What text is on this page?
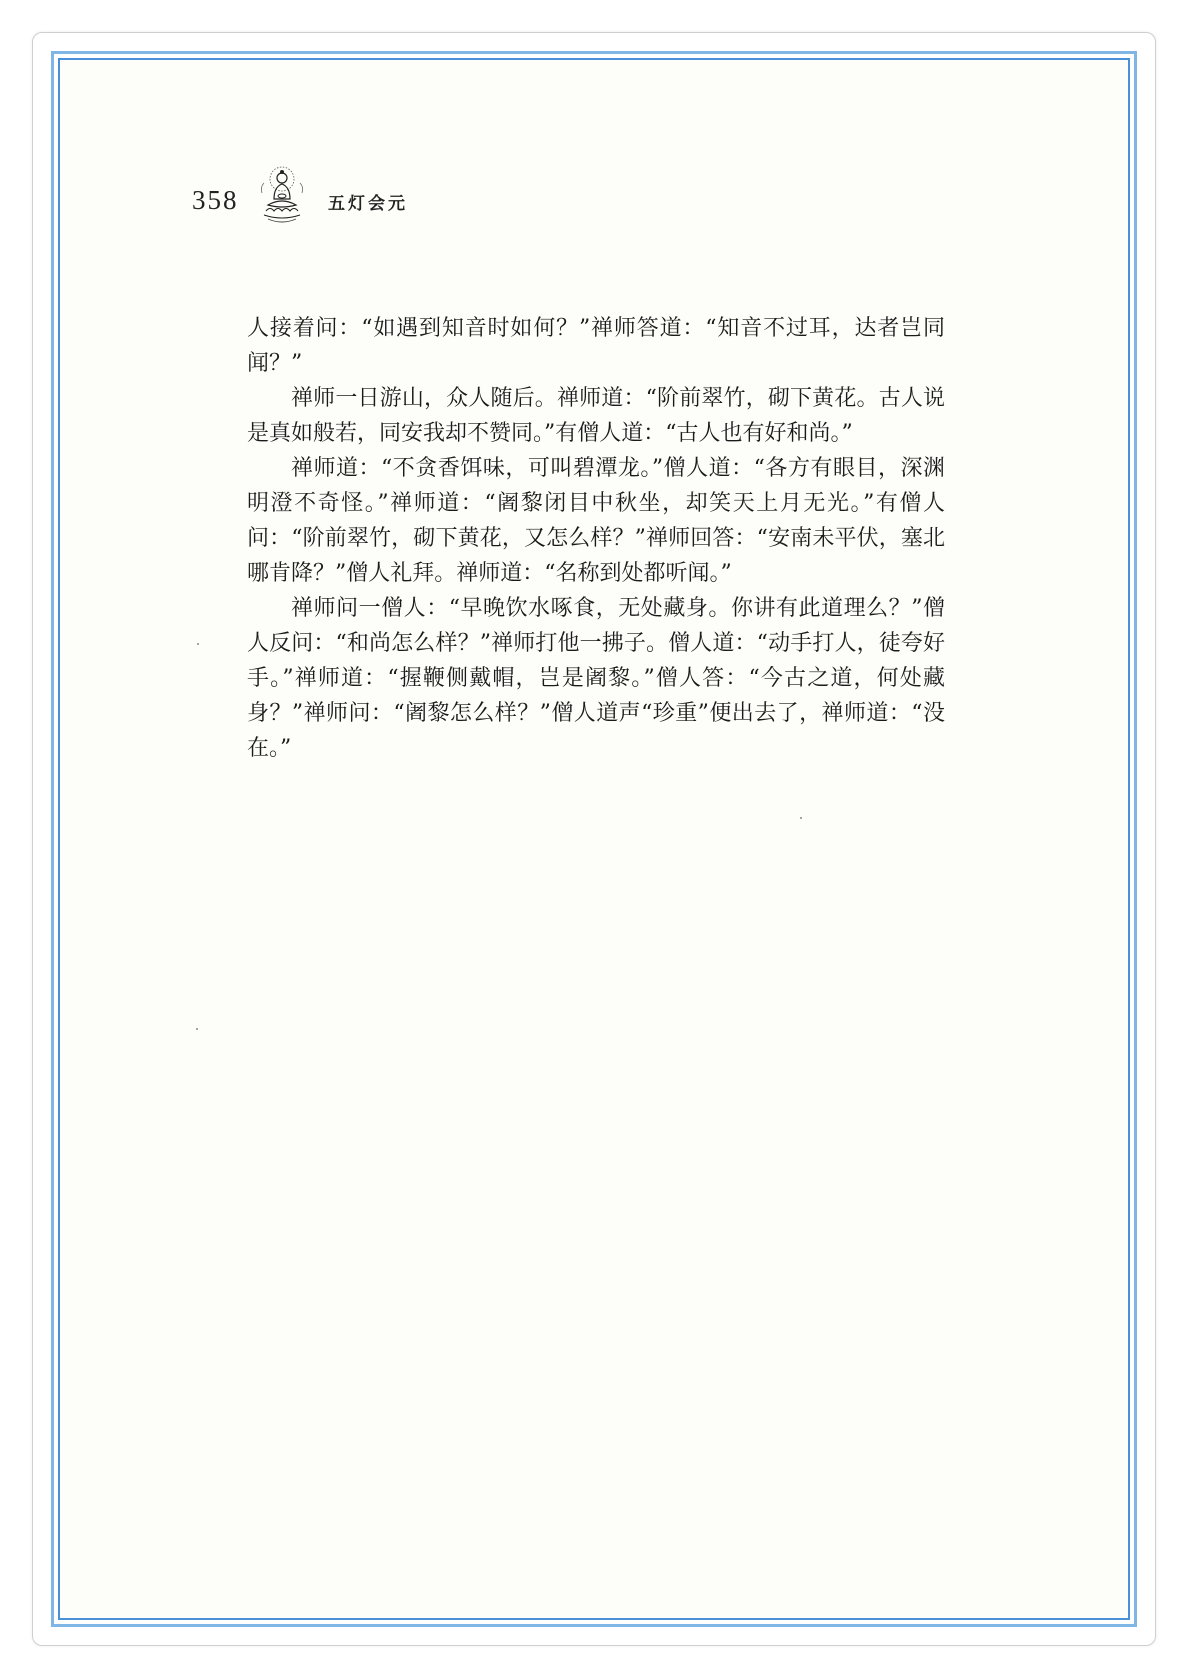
358	五灯会元

人接着问：“如遇到知音时如何？”禅师答道：“知音不过耳，达者岂同闻？”

禅师一日游山，众人随后。禅师道：“阶前翠竹，砌下黄花。古人说是真如般若，同安我却不赞同。”有僧人道：“古人也有好和尚。”

禅师道：“不贪香饵味，可叫碧潭龙。”僧人道：“各方有眼目，深渊明澄不奇怪。”禅师道：“阇黎闭目中秋坐，却笑天上月无光。”有僧人问：“阶前翠竹，砌下黄花，又怎么样？”禅师回答：“安南未平伏，塞北哪肯降？”僧人礼拜。禅师道：“名称到处都听闻。”

禅师问一僧人：“早晚饮水啄食，无处藏身。你讲有此道理么？”僧人反问：“和尚怎么样？”禅师打他一拂子。僧人道：“动手打人，徒夸好手。”禅师道：“握鞭侧戴帽，岂是阇黎。”僧人答：“今古之道，何处藏身？”禅师问：“阇黎怎么样？”僧人道声“珍重”便出去了，禅师道：“没在。”
